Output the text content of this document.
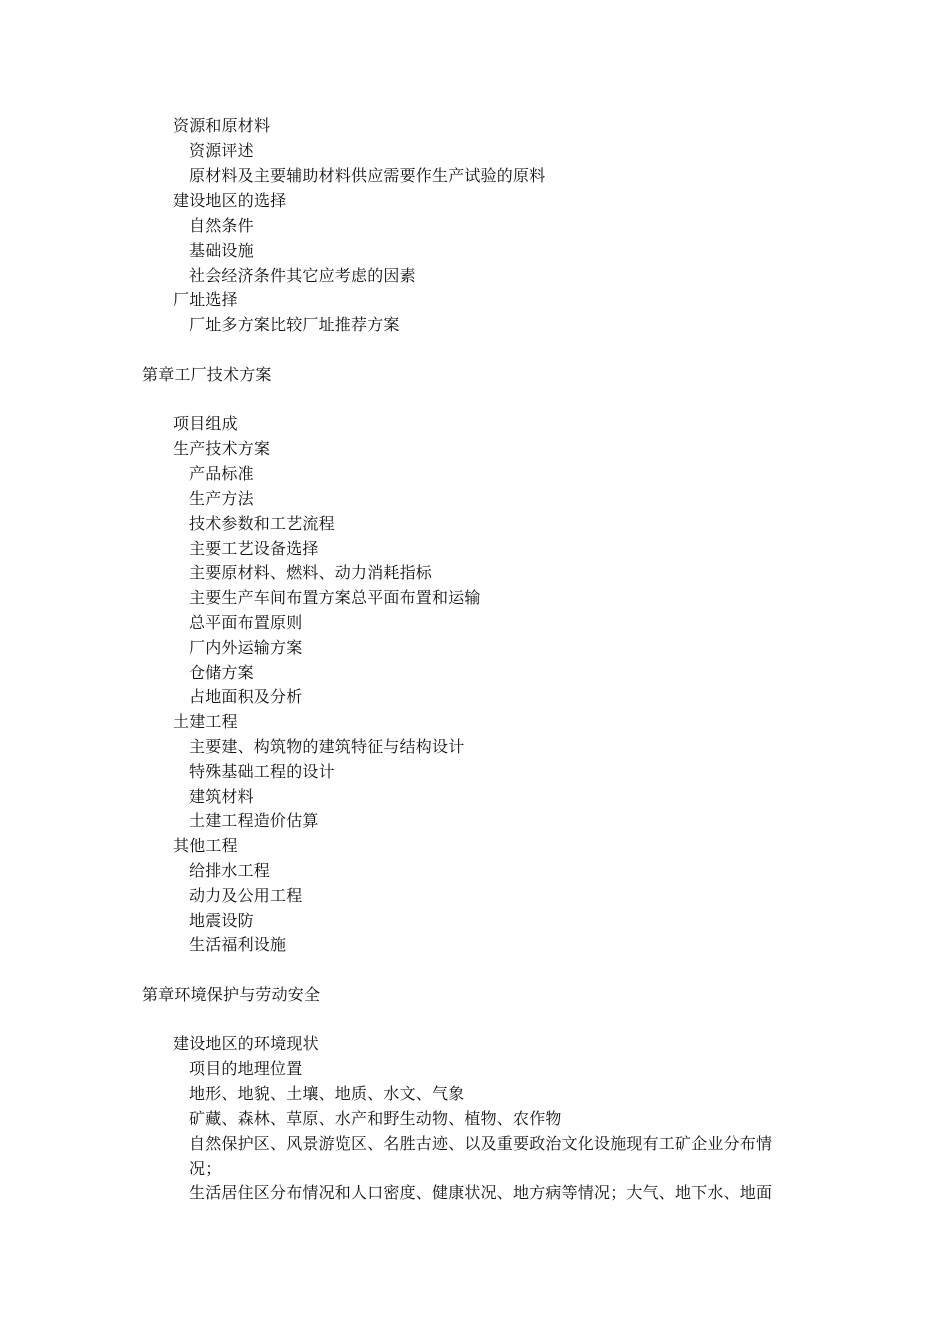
资源和原材料
资源评述
原材料及主要辅助材料供应需要作生产试验的原料
建设地区的选择
自然条件
基础设施
社会经济条件其它应考虑的因素
厂址选择
厂址多方案比较厂址推荐方案
第章工厂技术方案
项目组成
生产技术方案
产品标准
生产方法
技术参数和工艺流程
主要工艺设备选择
主要原材料、燃料、动力消耗指标
主要生产车间布置方案总平面布置和运输
总平面布置原则
厂内外运输方案
仓储方案
占地面积及分析
土建工程
主要建、构筑物的建筑特征与结构设计
特殊基础工程的设计
建筑材料
土建工程造价估算
其他工程
给排水工程
动力及公用工程
地震设防
生活福利设施
第章环境保护与劳动安全
建设地区的环境现状
项目的地理位置
地形、地貌、土壤、地质、水文、气象
矿藏、森林、草原、水产和野生动物、植物、农作物
自然保护区、风景游览区、名胜古迹、以及重要政治文化设施现有工矿企业分布情况；
生活居住区分布情况和人口密度、健康状况、地方病等情况；大气、地下水、地面
